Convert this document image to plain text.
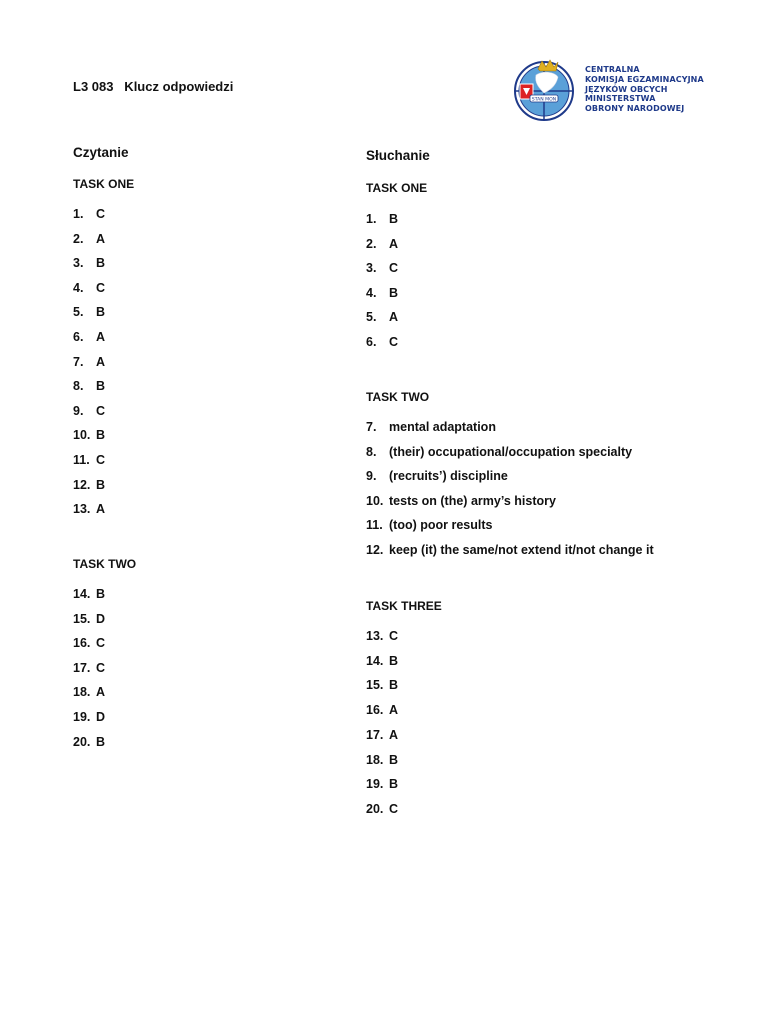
L3 083   Klucz odpowiedzi
STAN MON
CENTRALNA
KOMISJA EGZAMINACYJNA
JĘZYKÓW OBCYCH
MINISTERSTWA
OBRONY NARODOWEJ
Czytanie
TASK ONE
1. C
2. A
3. B
4. C
5. B
6. A
7. A
8. B
9. C
10. B
11. C
12. B
13. A
TASK TWO
14. B
15. D
16. C
17. C
18. A
19. D
20. B
Słuchanie
TASK ONE
1. B
2. A
3. C
4. B
5. A
6. C
TASK TWO
7. mental adaptation
8. (their) occupational/occupation specialty
9. (recruits’) discipline
10. tests on (the) army’s history
11. (too) poor results
12. keep (it) the same/not extend it/not change it
TASK THREE
13. C
14. B
15. B
16. A
17. A
18. B
19. B
20. C
